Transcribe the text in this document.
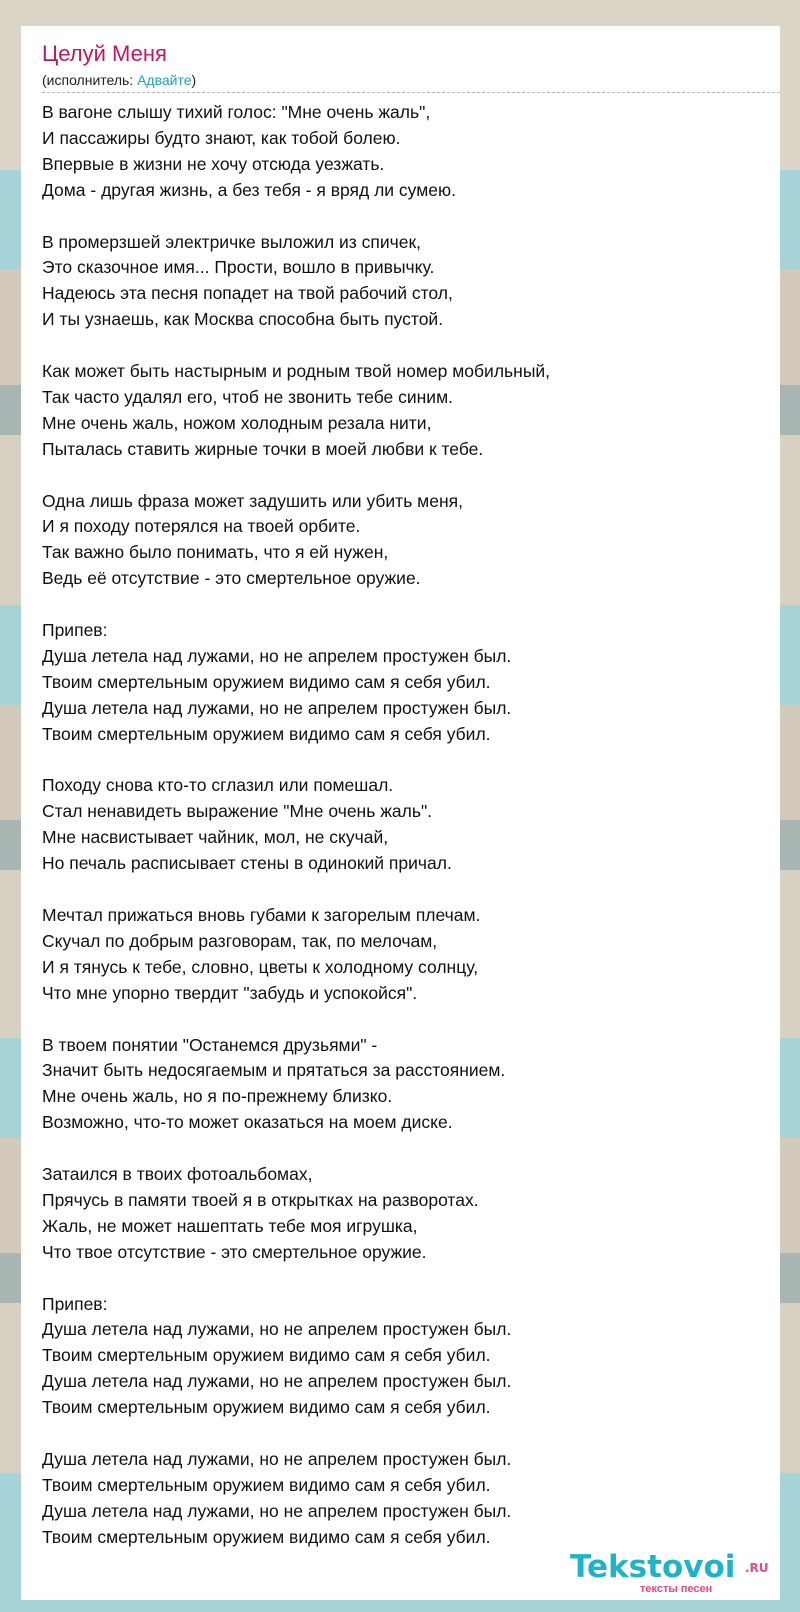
Целуй Меня
(исполнитель: Адвайте)
В вагоне слышу тихий голос: "Мне очень жаль",
И пассажиры будто знают, как тобой болею.
Впервые в жизни не хочу отсюда уезжать.
Дома - другая жизнь, а без тебя - я вряд ли сумею.
В промерзшей электричке выложил из спичек,
Это сказочное имя... Прости, вошло в привычку.
Надеюсь эта песня попадет на твой рабочий стол,
И ты узнаешь, как Москва способна быть пустой.
Как может быть настырным и родным твой номер мобильный,
Так часто удалял его, чтоб не звонить тебе синим.
Мне очень жаль, ножом холодным резала нити,
Пыталась ставить жирные точки в моей любви к тебе.
Одна лишь фраза может задушить или убить меня,
И я походу потерялся на твоей орбите.
Так важно было понимать, что я ей нужен,
Ведь её отсутствие - это смертельное оружие.
Припев:
Душа летела над лужами, но не апрелем простужен был.
Твоим смертельным оружием видимо сам я себя убил.
Душа летела над лужами, но не апрелем простужен был.
Твоим смертельным оружием видимо сам я себя убил.
Походу снова кто-то сглазил или помешал.
Стал ненавидеть выражение "Мне очень жаль".
Мне насвистывает чайник, мол, не скучай,
Но печаль расписывает стены в одинокий причал.
Мечтал прижаться вновь губами к загорелым плечам.
Скучал по добрым разговорам, так, по мелочам,
И я тянусь к тебе, словно, цветы к холодному солнцу,
Что мне упорно твердит "забудь и успокойся".
В твоем понятии "Останемся друзьями" -
Значит быть недосягаемым и прятаться за расстоянием.
Мне очень жаль, но я по-прежнему близко.
Возможно, что-то может оказаться на моем диске.
Затаился в твоих фотоальбомах,
Прячусь в памяти твоей я в открытках на разворотах.
Жаль, не может нашептать тебе моя игрушка,
Что твое отсутствие - это смертельное оружие.
Припев:
Душа летела над лужами, но не апрелем простужен был.
Твоим смертельным оружием видимо сам я себя убил.
Душа летела над лужами, но не апрелем простужен был.
Твоим смертельным оружием видимо сам я себя убил.
Душа летела над лужами, но не апрелем простужен был.
Твоим смертельным оружием видимо сам я себя убил.
Душа летела над лужами, но не апрелем простужен был.
Твоим смертельным оружием видимо сам я себя убил.
Tekstovoi .RU
тексты песен
